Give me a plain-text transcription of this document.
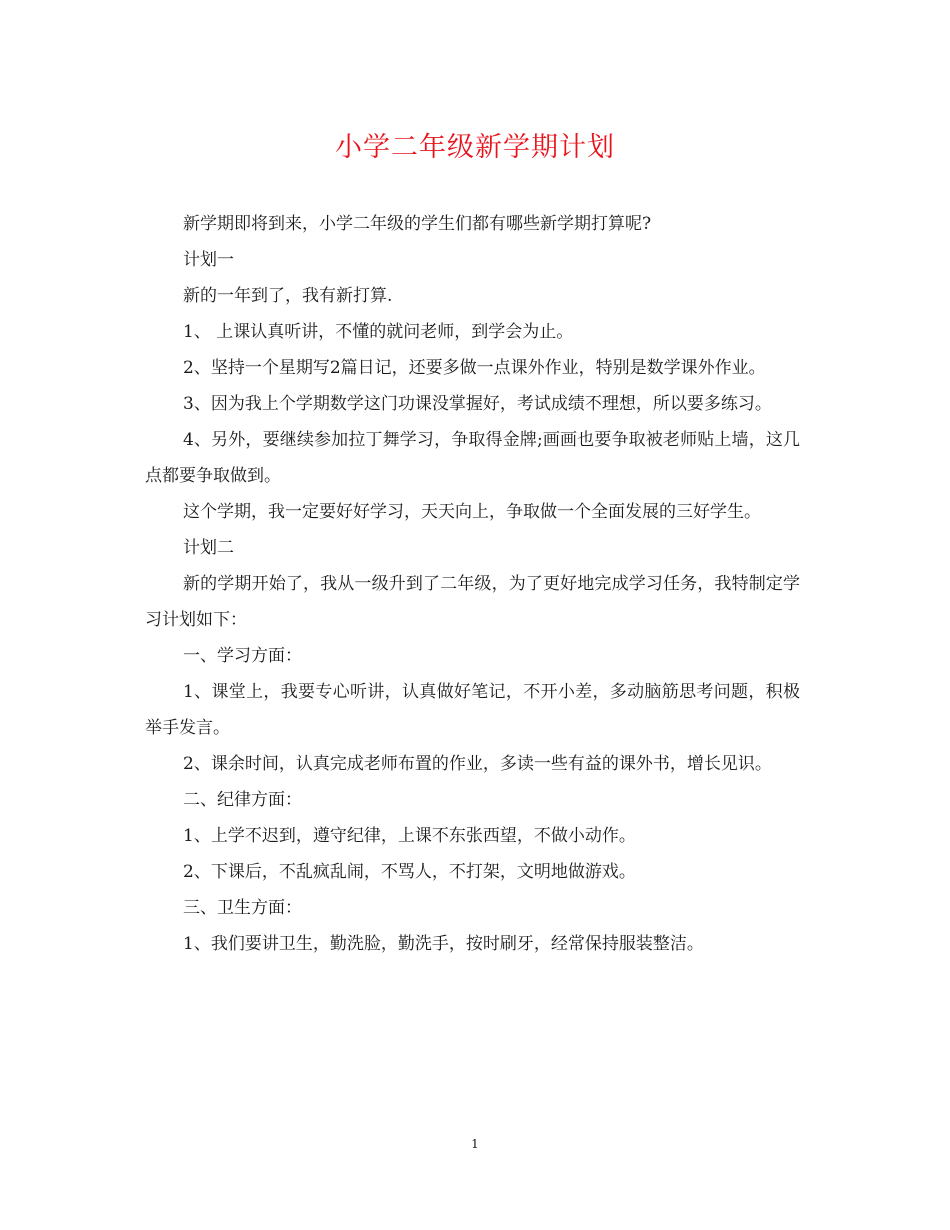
小学二年级新学期计划

新学期即将到来，小学二年级的学生们都有哪些新学期打算呢?

计划一

新的一年到了，我有新打算.

1、 上课认真听讲，不懂的就问老师，到学会为止。

2、坚持一个星期写2篇日记，还要多做一点课外作业，特别是数学课外作业。

3、因为我上个学期数学这门功课没掌握好，考试成绩不理想，所以要多练习。

4、另外，要继续参加拉丁舞学习，争取得金牌;画画也要争取被老师贴上墙，这几点都要争取做到。

这个学期，我一定要好好学习，天天向上，争取做一个全面发展的三好学生。

计划二

新的学期开始了，我从一级升到了二年级，为了更好地完成学习任务，我特制定学习计划如下：

一、学习方面：

1、课堂上，我要专心听讲，认真做好笔记，不开小差，多动脑筋思考问题，积极举手发言。

2、课余时间，认真完成老师布置的作业，多读一些有益的课外书，增长见识。

二、纪律方面：

1、上学不迟到，遵守纪律，上课不东张西望，不做小动作。

2、下课后，不乱疯乱闹，不骂人，不打架，文明地做游戏。

三、卫生方面：

1、我们要讲卫生，勤洗脸，勤洗手，按时刷牙，经常保持服装整洁。

1
